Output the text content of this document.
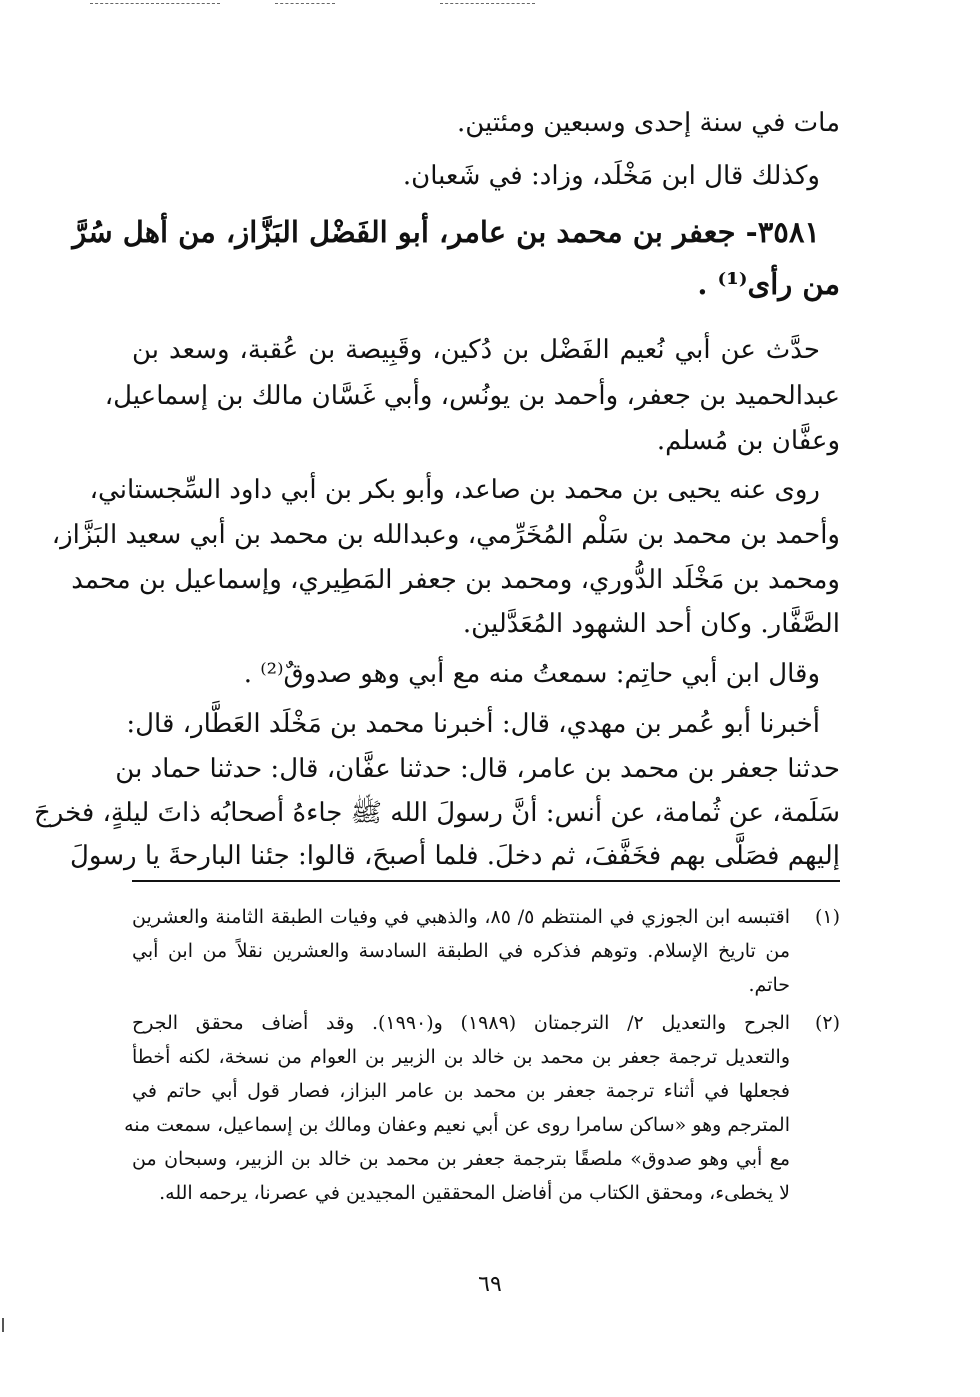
مات في سنة إحدى وسبعين ومئتين.
وكذلك قال ابن مَخْلَد، وزاد: في شَعبان.
٣٥٨١- جعفر بن محمد بن عامر، أبو الفَضْل البَزَّاز، من أهل سُرَّ
من رأى⁽¹⁾ .
حدَّث عن أبي نُعيم الفَضْل بن دُكين، وقَبِيصة بن عُقبة، وسعد بن
عبدالحميد بن جعفر، وأحمد بن يونُس، وأبي غَسَّان مالك بن إسماعيل،
وعفَّان بن مُسلم.
روى عنه يحيى بن محمد بن صاعد، وأبو بكر بن أبي داود السِّجستاني،
وأحمد بن محمد بن سَلْم المُخَرِّمي، وعبدالله بن محمد بن أبي سعيد البَزَّاز،
ومحمد بن مَخْلَد الدُّوري، ومحمد بن جعفر المَطِيري، وإسماعيل بن محمد
الصَّفَّار. وكان أحد الشهود المُعَدَّلين.
وقال ابن أبي حاتِم: سمعتُ منه مع أبي وهو صدوقٌ⁽²⁾ .
أخبرنا أبو عُمر بن مهدي، قال: أخبرنا محمد بن مَخْلَد العَطَّار، قال:
حدثنا جعفر بن محمد بن عامر، قال: حدثنا عفَّان، قال: حدثنا حماد بن
سَلَمة، عن ثُمامة، عن أنس: أنَّ رسولَ الله ﷺ جاءهُ أصحابُه ذاتَ ليلةٍ، فخرجَ
إليهم فصَلَّى بهم فخَفَّفَ، ثم دخلَ. فلما أصبحَ، قالوا: جئنا البارحةَ يا رسولَ
(١)
اقتبسه ابن الجوزي في المنتظم ٥/ ٨٥، والذهبي في وفيات الطبقة الثامنة والعشرين
من تاريخ الإسلام. وتوهم فذكره في الطبقة السادسة والعشرين نقلاً من ابن أبي
حاتم.
(٢)
الجرح والتعديل ٢/ الترجمتان (١٩٨٩) و(١٩٩٠). وقد أضاف محقق الجرح
والتعديل ترجمة جعفر بن محمد بن خالد بن الزبير بن العوام من نسخة، لكنه أخطأ
فجعلها في أثناء ترجمة جعفر بن محمد بن عامر البزاز، فصار قول أبي حاتم في
المترجم وهو «ساكن سامرا روى عن أبي نعيم وعفان ومالك بن إسماعيل، سمعت منه
مع أبي وهو صدوق» ملصقًا بترجمة جعفر بن محمد بن خالد بن الزبير، وسبحان من
لا يخطىء، ومحقق الكتاب من أفاضل المحققين المجيدين في عصرنا، يرحمه الله.
٦٩
